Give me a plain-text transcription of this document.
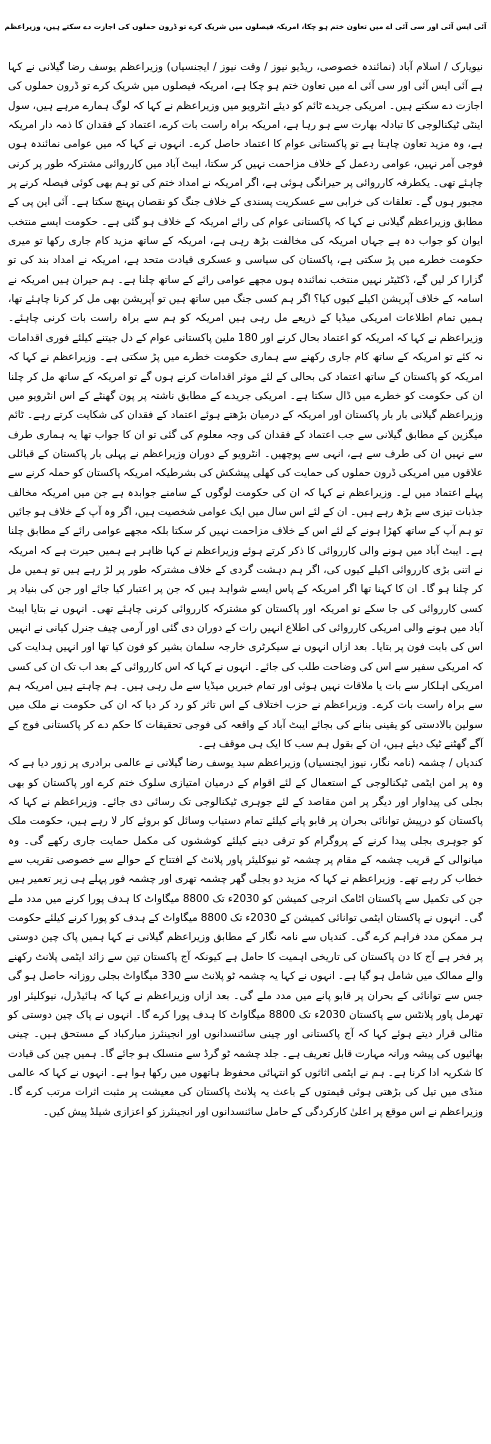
آئی ایس آئی اور سی آئی اے میں تعاون ختم ہو چکا، امریکہ فیصلوں میں شریک کرے تو ڈرون حملوں کی اجازت دے سکتے ہیں، وزیراعظم

نیویارک / اسلام آباد (نمائندہ خصوصی، ریڈیو نیوز / وقت نیوز / ایجنسیاں) وزیراعظم یوسف رضا گیلانی نے کہا ہے آئی ایس آئی اور سی آئی اے میں تعاون ختم ہو چکا ہے، امریکہ فیصلوں میں شریک کرے تو ڈرون حملوں کی اجازت دے سکتے ہیں۔ امریکی جریدے ٹائم کو دیئے انٹرویو میں وزیراعظم نے کہا کہ لوگ ہمارے مرہے ہیں، سول اینٹی ٹیکنالوجی کا تبادلہ بھارت سے ہو رہا ہے، امریکہ براہ راست بات کرے، اعتماد کے فقدان کا ذمہ دار امریکہ ہے، وہ مزید تعاون چاہتا ہے تو پاکستانی عوام کا اعتماد حاصل کرے۔ انہوں نے کہا کہ میں عوامی نمائندہ ہوں فوجی آمر نہیں، عوامی ردعمل کے خلاف مزاحمت نہیں کر سکتا، ایبٹ آباد میں کارروائی مشترکہ طور پر کرنی چاہئے تھی۔ یکطرفہ کارروائی پر حیرانگی ہوئی ہے، اگر امریکہ نے امداد ختم کی تو ہم بھی کوئی فیصلہ کرنے پر مجبور ہوں گے۔ تعلقات کی خرابی سے عسکریت پسندی کے خلاف جنگ کو نقصان پہنچ سکتا ہے۔ آئی این پی کے مطابق وزیراعظم گیلانی نے کہا کہ پاکستانی عوام کی رائے امریکہ کے خلاف ہو گئی ہے۔ حکومت ایسے منتخب ایوان کو جواب دہ ہے جہاں امریکہ کی مخالفت بڑھ رہی ہے، امریکہ کے ساتھ مزید کام جاری رکھا تو میری حکومت خطرے میں پڑ سکتی ہے، پاکستان کی سیاسی و عسکری قیادت متحد ہے، امریکہ نے امداد بند کی تو گزارا کر لیں گے، ڈکٹیٹر نہیں منتخب نمائندہ ہوں مجھے عوامی رائے کے ساتھ چلنا ہے۔ ہم حیران ہیں امریکہ نے اسامہ کے خلاف آپریشن اکیلے کیوں کیا؟ اگر ہم کسی جنگ میں ساتھ ہیں تو آپریشن بھی مل کر کرنا چاہئے تھا، ہمیں تمام اطلاعات امریکی میڈیا کے ذریعے مل رہی ہیں امریکہ کو ہم سے براہ راست بات کرنی چاہئے۔ وزیراعظم نے کہا کہ امریکہ کو اعتماد بحال کرنے اور 180 ملین پاکستانی عوام کے دل جیتنے کیلئے فوری اقدامات نہ کئے تو امریکہ کے ساتھ کام جاری رکھنے سے ہماری حکومت خطرے میں پڑ سکتی ہے۔ وزیراعظم نے کہا کہ امریکہ کو پاکستان کے ساتھ اعتماد کی بحالی کے لئے موثر اقدامات کرنے ہوں گے تو امریکہ کے ساتھ مل کر چلنا ان کی حکومت کو خطرے میں ڈال سکتا ہے۔ امریکی جریدے کے مطابق ناشتہ پر پون گھنٹے کے اس انٹرویو میں وزیراعظم گیلانی بار بار پاکستان اور امریکہ کے درمیان بڑھتے ہوئے اعتماد کے فقدان کی شکایت کرتے رہے۔ ٹائم میگزین کے مطابق گیلانی سے جب اعتماد کے فقدان کی وجہ معلوم کی گئی تو ان کا جواب تھا یہ ہماری طرف سے نہیں ان کی طرف سے ہے، انہی سے پوچھیں۔ انٹرویو کے دوران وزیراعظم نے پہلی بار پاکستان کے قبائلی علاقوں میں امریکی ڈرون حملوں کی حمایت کی کھلی پیشکش کی بشرطیکہ امریکہ پاکستان کو حملہ کرنے سے پہلے اعتماد میں لے۔ وزیراعظم نے کہا کہ ان کی حکومت لوگوں کے سامنے جوابدہ ہے جن میں امریکہ مخالف جذبات تیزی سے بڑھ رہے ہیں۔ ان کے لئے اس سال میں ایک عوامی شخصیت ہیں، اگر وہ آپ کے خلاف ہو جائیں تو ہم آپ کے ساتھ کھڑا ہونے کے لئے اس کے خلاف مزاحمت نہیں کر سکتا بلکہ مجھے عوامی رائے کے مطابق چلنا ہے۔ ایبٹ آباد میں ہونے والی کارروائی کا ذکر کرتے ہوئے وزیراعظم نے کہا ظاہر ہے ہمیں حیرت ہے کہ امریکہ نے اتنی بڑی کارروائی اکیلے کیوں کی، اگر ہم دہشت گردی کے خلاف مشترکہ طور پر لڑ رہے ہیں تو ہمیں مل کر چلنا ہو گا۔ ان کا کہنا تھا اگر امریکہ کے پاس ایسے شواہد ہیں کہ جن پر اعتبار کیا جائے اور جن کی بنیاد پر کسی کارروائی کی جا سکے تو امریکہ اور پاکستان کو مشترکہ کارروائی کرنی چاہئے تھی۔ انہوں نے بتایا ایبٹ آباد میں ہونے والی امریکی کارروائی کی اطلاع انہیں رات کے دوران دی گئی اور آرمی چیف جنرل کیانی نے انہیں اس کی بابت فون پر بتایا۔ بعد ازاں انہوں نے سیکرٹری خارجہ سلمان بشیر کو فون کیا تھا اور انہیں ہدایت کی کہ امریکی سفیر سے اس کی وضاحت طلب کی جائے۔ انہوں نے کہا کہ اس کارروائی کے بعد اب تک ان کی کسی امریکی اہلکار سے بات یا ملاقات نہیں ہوئی اور تمام خبریں میڈیا سے مل رہی ہیں۔ ہم چاہتے ہیں امریکہ ہم سے براہ راست بات کرے۔ وزیراعظم نے حزب اختلاف کے اس تاثر کو رد کر دیا کہ ان کی حکومت نے ملک میں سولین بالادستی کو یقینی بنانے کی بجائے ایبٹ آباد کے واقعہ کی فوجی تحقیقات کا حکم دے کر پاکستانی فوج کے آگے گھٹنے ٹیک دیئے ہیں، ان کے بقول ہم سب کا ایک ہی موقف ہے۔

کندیاں / چشمہ (نامہ نگار، نیوز ایجنسیاں) وزیراعظم سید یوسف رضا گیلانی نے عالمی برادری پر زور دیا ہے کہ وہ پر امن ایٹمی ٹیکنالوجی کے استعمال کے لئے اقوام کے درمیان امتیازی سلوک ختم کرے اور پاکستان کو بھی بجلی کی پیداوار اور دیگر پر امن مقاصد کے لئے جوہری ٹیکنالوجی تک رسائی دی جائے۔ وزیراعظم نے کہا کہ پاکستان کو درپیش توانائی بحران پر قابو پانے کیلئے تمام دستیاب وسائل کو بروئے کار لا رہے ہیں، حکومت ملک کو جوہری بجلی پیدا کرنے کے پروگرام کو ترقی دینے کیلئے کوششوں کی مکمل حمایت جاری رکھے گی۔ وہ میانوالی کے قریب چشمہ کے مقام پر چشمہ ٹو نیوکلیئر پاور پلانٹ کے افتتاح کے حوالے سے خصوصی تقریب سے خطاب کر رہے تھے۔ وزیراعظم نے کہا کہ مزید دو بجلی گھر چشمہ تھری اور چشمہ فور پہلے ہی زیر تعمیر ہیں جن کی تکمیل سے پاکستان اٹامک انرجی کمیشن کو 2030ء تک 8800 میگاواٹ کا ہدف پورا کرنے میں مدد ملے گی۔ انہوں نے پاکستان ایٹمی توانائی کمیشن کے 2030ء تک 8800 میگاواٹ کے ہدف کو پورا کرنے کیلئے حکومت ہر ممکن مدد فراہم کرے گی۔ کندیاں سے نامہ نگار کے مطابق وزیراعظم گیلانی نے کہا ہمیں پاک چین دوستی پر فخر ہے آج کا دن پاکستان کی تاریخی اہمیت کا حامل ہے کیونکہ آج پاکستان تین سے زائد ایٹمی پلانٹ رکھنے والے ممالک میں شامل ہو گیا ہے۔ انہوں نے کہا یہ چشمہ ٹو پلانٹ سے 330 میگاواٹ بجلی روزانہ حاصل ہو گی جس سے توانائی کے بحران پر قابو پانے میں مدد ملے گی۔ بعد ازاں وزیراعظم نے کہا کہ ہائیڈرل، نیوکلیئر اور تھرمل پاور پلانٹس سے پاکستان 2030ء تک 8800 میگاواٹ کا ہدف پورا کرے گا۔ انہوں نے پاک چین دوستی کو مثالی قرار دیتے ہوئے کہا کہ آج پاکستانی اور چینی سائنسدانوں اور انجینئرز مبارکباد کے مستحق ہیں۔ چینی بھائیوں کی پیشہ ورانہ مہارت قابل تعریف ہے۔ جلد چشمہ ٹو گرڈ سے منسلک ہو جائے گا۔ ہمیں چین کی قیادت کا شکریہ ادا کرنا ہے۔ ہم نے ایٹمی اثاثوں کو انتہائی محفوظ ہاتھوں میں رکھا ہوا ہے۔ انہوں نے کہا کہ عالمی منڈی میں تیل کی بڑھتی ہوئی قیمتوں کے باعث یہ پلانٹ پاکستان کی معیشت پر مثبت اثرات مرتب کرے گا۔ وزیراعظم نے اس موقع پر اعلیٰ کارکردگی کے حامل سائنسدانوں اور انجینئرز کو اعزازی شیلڈ پیش کیں۔
